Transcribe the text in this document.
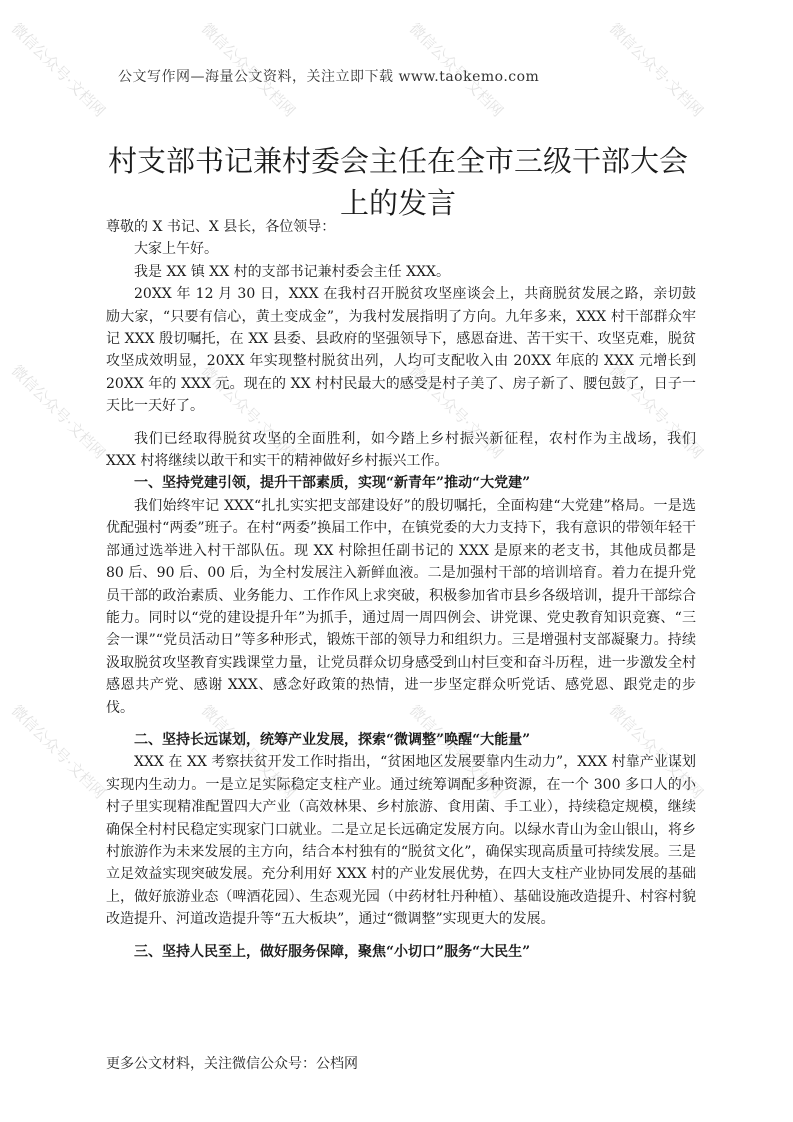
公文写作网—海量公文资料，关注立即下载 www.taokemo.com
村支部书记兼村委会主任在全市三级干部大会
上的发言

尊敬的 X 书记、X 县长，各位领导：

大家上午好。

我是 XX 镇 XX 村的支部书记兼村委会主任 XXX。

20XX 年 12 月 30 日，XXX 在我村召开脱贫攻坚座谈会上，共商脱贫发展之路，亲切鼓励大家，“只要有信心，黄土变成金”，为我村发展指明了方向。九年多来，XXX 村干部群众牢记 XXX 殷切嘱托，在 XX 县委、县政府的坚强领导下，感恩奋进、苦干实干、攻坚克难，脱贫攻坚成效明显，20XX 年实现整村脱贫出列，人均可支配收入由 20XX 年底的 XXX 元增长到 20XX 年的 XXX 元。现在的 XX 村村民最大的感受是村子美了、房子新了、腰包鼓了，日子一天比一天好了。

我们已经取得脱贫攻坚的全面胜利，如今踏上乡村振兴新征程，农村作为主战场，我们 XXX 村将继续以敢干和实干的精神做好乡村振兴工作。

一、坚持党建引领，提升干部素质，实现“新青年”推动“大党建”

我们始终牢记 XXX“扎扎实实把支部建设好”的殷切嘱托，全面构建“大党建”格局。一是选优配强村“两委”班子。在村“两委”换届工作中，在镇党委的大力支持下，我有意识的带领年轻干部通过选举进入村干部队伍。现 XX 村除担任副书记的 XXX 是原来的老支书，其他成员都是 80 后、90 后、00 后，为全村发展注入新鲜血液。二是加强村干部的培训培育。着力在提升党员干部的政治素质、业务能力、工作作风上求突破，积极参加省市县乡各级培训，提升干部综合能力。同时以“党的建设提升年”为抓手，通过周一周四例会、讲党课、党史教育知识竞赛、“三会一课”“党员活动日”等多种形式，锻炼干部的领导力和组织力。三是增强村支部凝聚力。持续汲取脱贫攻坚教育实践课堂力量，让党员群众切身感受到山村巨变和奋斗历程，进一步激发全村感恩共产党、感谢 XXX、感念好政策的热情，进一步坚定群众听党话、感党恩、跟党走的步伐。

二、坚持长远谋划，统筹产业发展，探索“微调整”唤醒“大能量”

XXX 在 XX 考察扶贫开发工作时指出，“贫困地区发展要靠内生动力”，XXX 村靠产业谋划实现内生动力。一是立足实际稳定支柱产业。通过统筹调配多种资源，在一个 300 多口人的小村子里实现精准配置四大产业（高效林果、乡村旅游、食用菌、手工业），持续稳定规模，继续确保全村村民稳定实现家门口就业。二是立足长远确定发展方向。以绿水青山为金山银山，将乡村旅游作为未来发展的主方向，结合本村独有的“脱贫文化”，确保实现高质量可持续发展。三是立足效益实现突破发展。充分利用好 XXX 村的产业发展优势，在四大支柱产业协同发展的基础上，做好旅游业态（啤酒花园）、生态观光园（中药材牡丹种植）、基础设施改造提升、村容村貌改造提升、河道改造提升等“五大板块”，通过“微调整”实现更大的发展。

三、坚持人民至上，做好服务保障，聚焦“小切口”服务“大民生”

更多公文材料，关注微信公众号：公档网
微信公众号·文档网	微信公众号·文档网	微信公众号·文档网	微信公众号·文档网
微信公众号·文档网	微信公众号·文档网	微信公众号·文档网	微信公众号·文档网
微信公众号·文档网	微信公众号·文档网	微信公众号·文档网	微信公众号·文档网
